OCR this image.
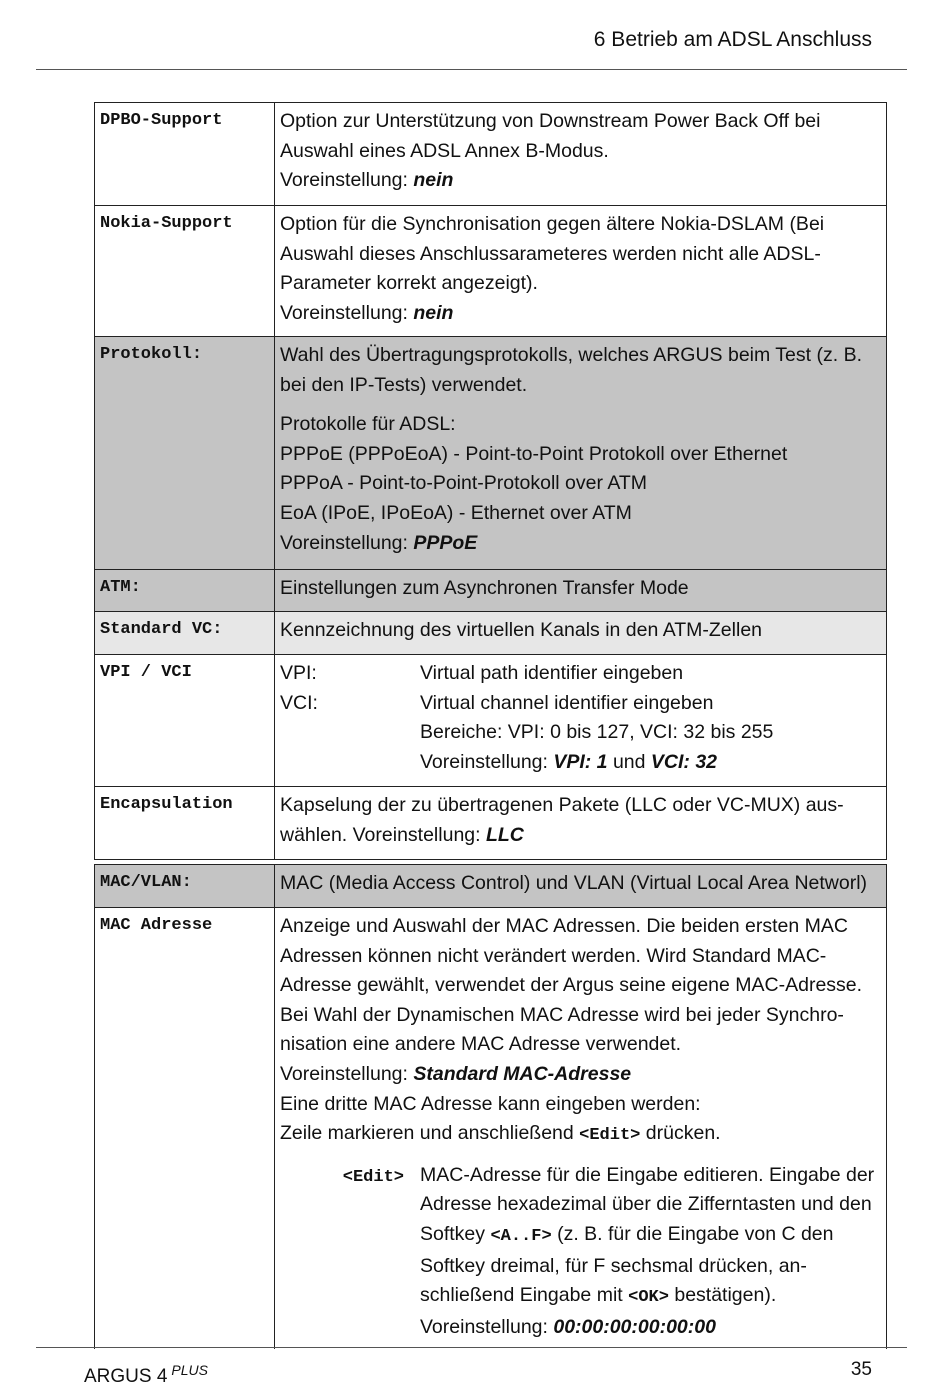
6 Betrieb am ADSL Anschluss
DPBO-Support	Option zur Unterstützung von Downstream Power Back Off bei

Auswahl eines ADSL Annex B-Modus.

Voreinstellung: nein

Nokia-Support	Option für die Synchronisation gegen ältere Nokia-DSLAM (Bei

Auswahl dieses Anschlussarameteres werden nicht alle ADSL-

Parameter korrekt angezeigt).

Voreinstellung: nein

Protokoll:	Wahl des Übertragungsprotokolls, welches ARGUS beim Test (z. B.

bei den IP-Tests) verwendet.

Protokolle für ADSL:

PPPoE (PPPoEoA) - Point-to-Point Protokoll over Ethernet

PPPoA - Point-to-Point-Protokoll over ATM

EoA (IPoE, IPoEoA) - Ethernet over ATM

Voreinstellung: PPPoE

ATM:	Einstellungen zum Asynchronen Transfer Mode
Standard VC:	Kennzeichnung des virtuellen Kanals in den ATM-Zellen
VPI / VCI	VPI:	Virtual path identifier eingeben
VCI:	Virtual channel identifier eingeben

Bereiche: VPI: 0 bis 127, VCI: 32 bis 255

Voreinstellung: VPI: 1 und VCI: 32

Encapsulation	Kapselung der zu übertragenen Pakete (LLC oder VC-MUX) aus-

wählen. Voreinstellung: LLC

MAC/VLAN:	MAC (Media Access Control) und VLAN (Virtual Local Area Networl)
MAC Adresse	Anzeige und Auswahl der MAC Adressen. Die beiden ersten MAC

Adressen können nicht verändert werden. Wird Standard MAC-

Adresse gewählt, verwendet der Argus seine eigene MAC-Adresse.

Bei Wahl der Dynamischen MAC Adresse wird bei jeder Synchro-

nisation eine andere MAC Adresse verwendet.

Voreinstellung: Standard MAC-Adresse

Eine dritte MAC Adresse kann eingeben werden:

Zeile markieren und anschließend <Edit> drücken.

<Edit> MAC-Adresse für die Eingabe editieren. Eingabe der

Adresse hexadezimal über die Zifferntasten und den

Softkey <A..F> (z. B. für die Eingabe von C den

Softkey dreimal, für F sechsmal drücken, an-

schließend Eingabe mit <OK> bestätigen).

Voreinstellung: 00:00:00:00:00:00

ARGUS 4 $^{PLUS}$	35
